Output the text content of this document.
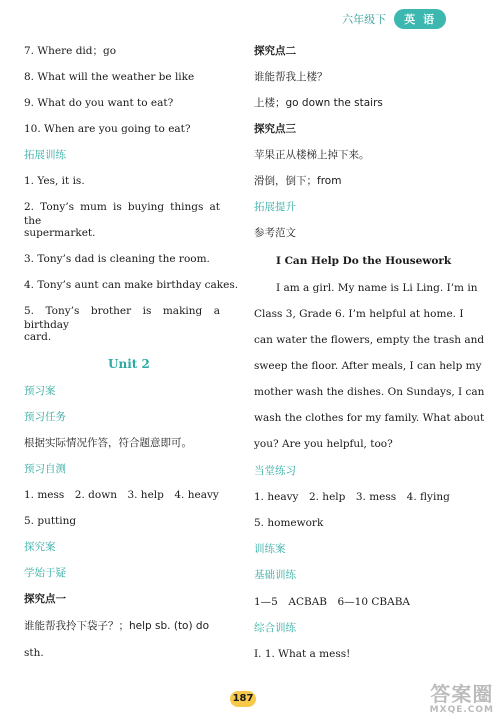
六年级下	英 语
7. Where did；go
8. What will the weather be like
9. What do you want to eat?
10. When are you going to eat?
拓展训练
1. Yes, it is.
2. Tony’s mum is buying things at the
supermarket.
3. Tony’s dad is cleaning the room.
4. Tony’s aunt can make birthday cakes.
5. Tony’s brother is making a birthday
card.
Unit 2
预习案
预习任务
根据实际情况作答，符合题意即可。
预习自测
1. mess　2. down　3. help　4. heavy
5. putting
探究案
学始于疑
探究点一
谁能帮我拎下袋子？；help sb. (to) do
sth.
探究点二
谁能帮我上楼？
上楼；go down the stairs
探究点三
苹果正从楼梯上掉下来。
滑倒，倒下；from
拓展提升
参考范文
I Can Help Do the Housework
I am a girl. My name is Li Ling. I’m in
Class 3, Grade 6. I’m helpful at home. I
can water the flowers, empty the trash and
sweep the floor. After meals, I can help my
mother wash the dishes. On Sundays, I can
wash the clothes for my family. What about
you? Are you helpful, too?
当堂练习
1. heavy　2. help　3. mess　4. flying
5. homework
训练案
基础训练
1—5　ACBAB　6—10 CBABA
综合训练
Ⅰ. 1. What a mess!
187	答案圈
MXQE.COM
